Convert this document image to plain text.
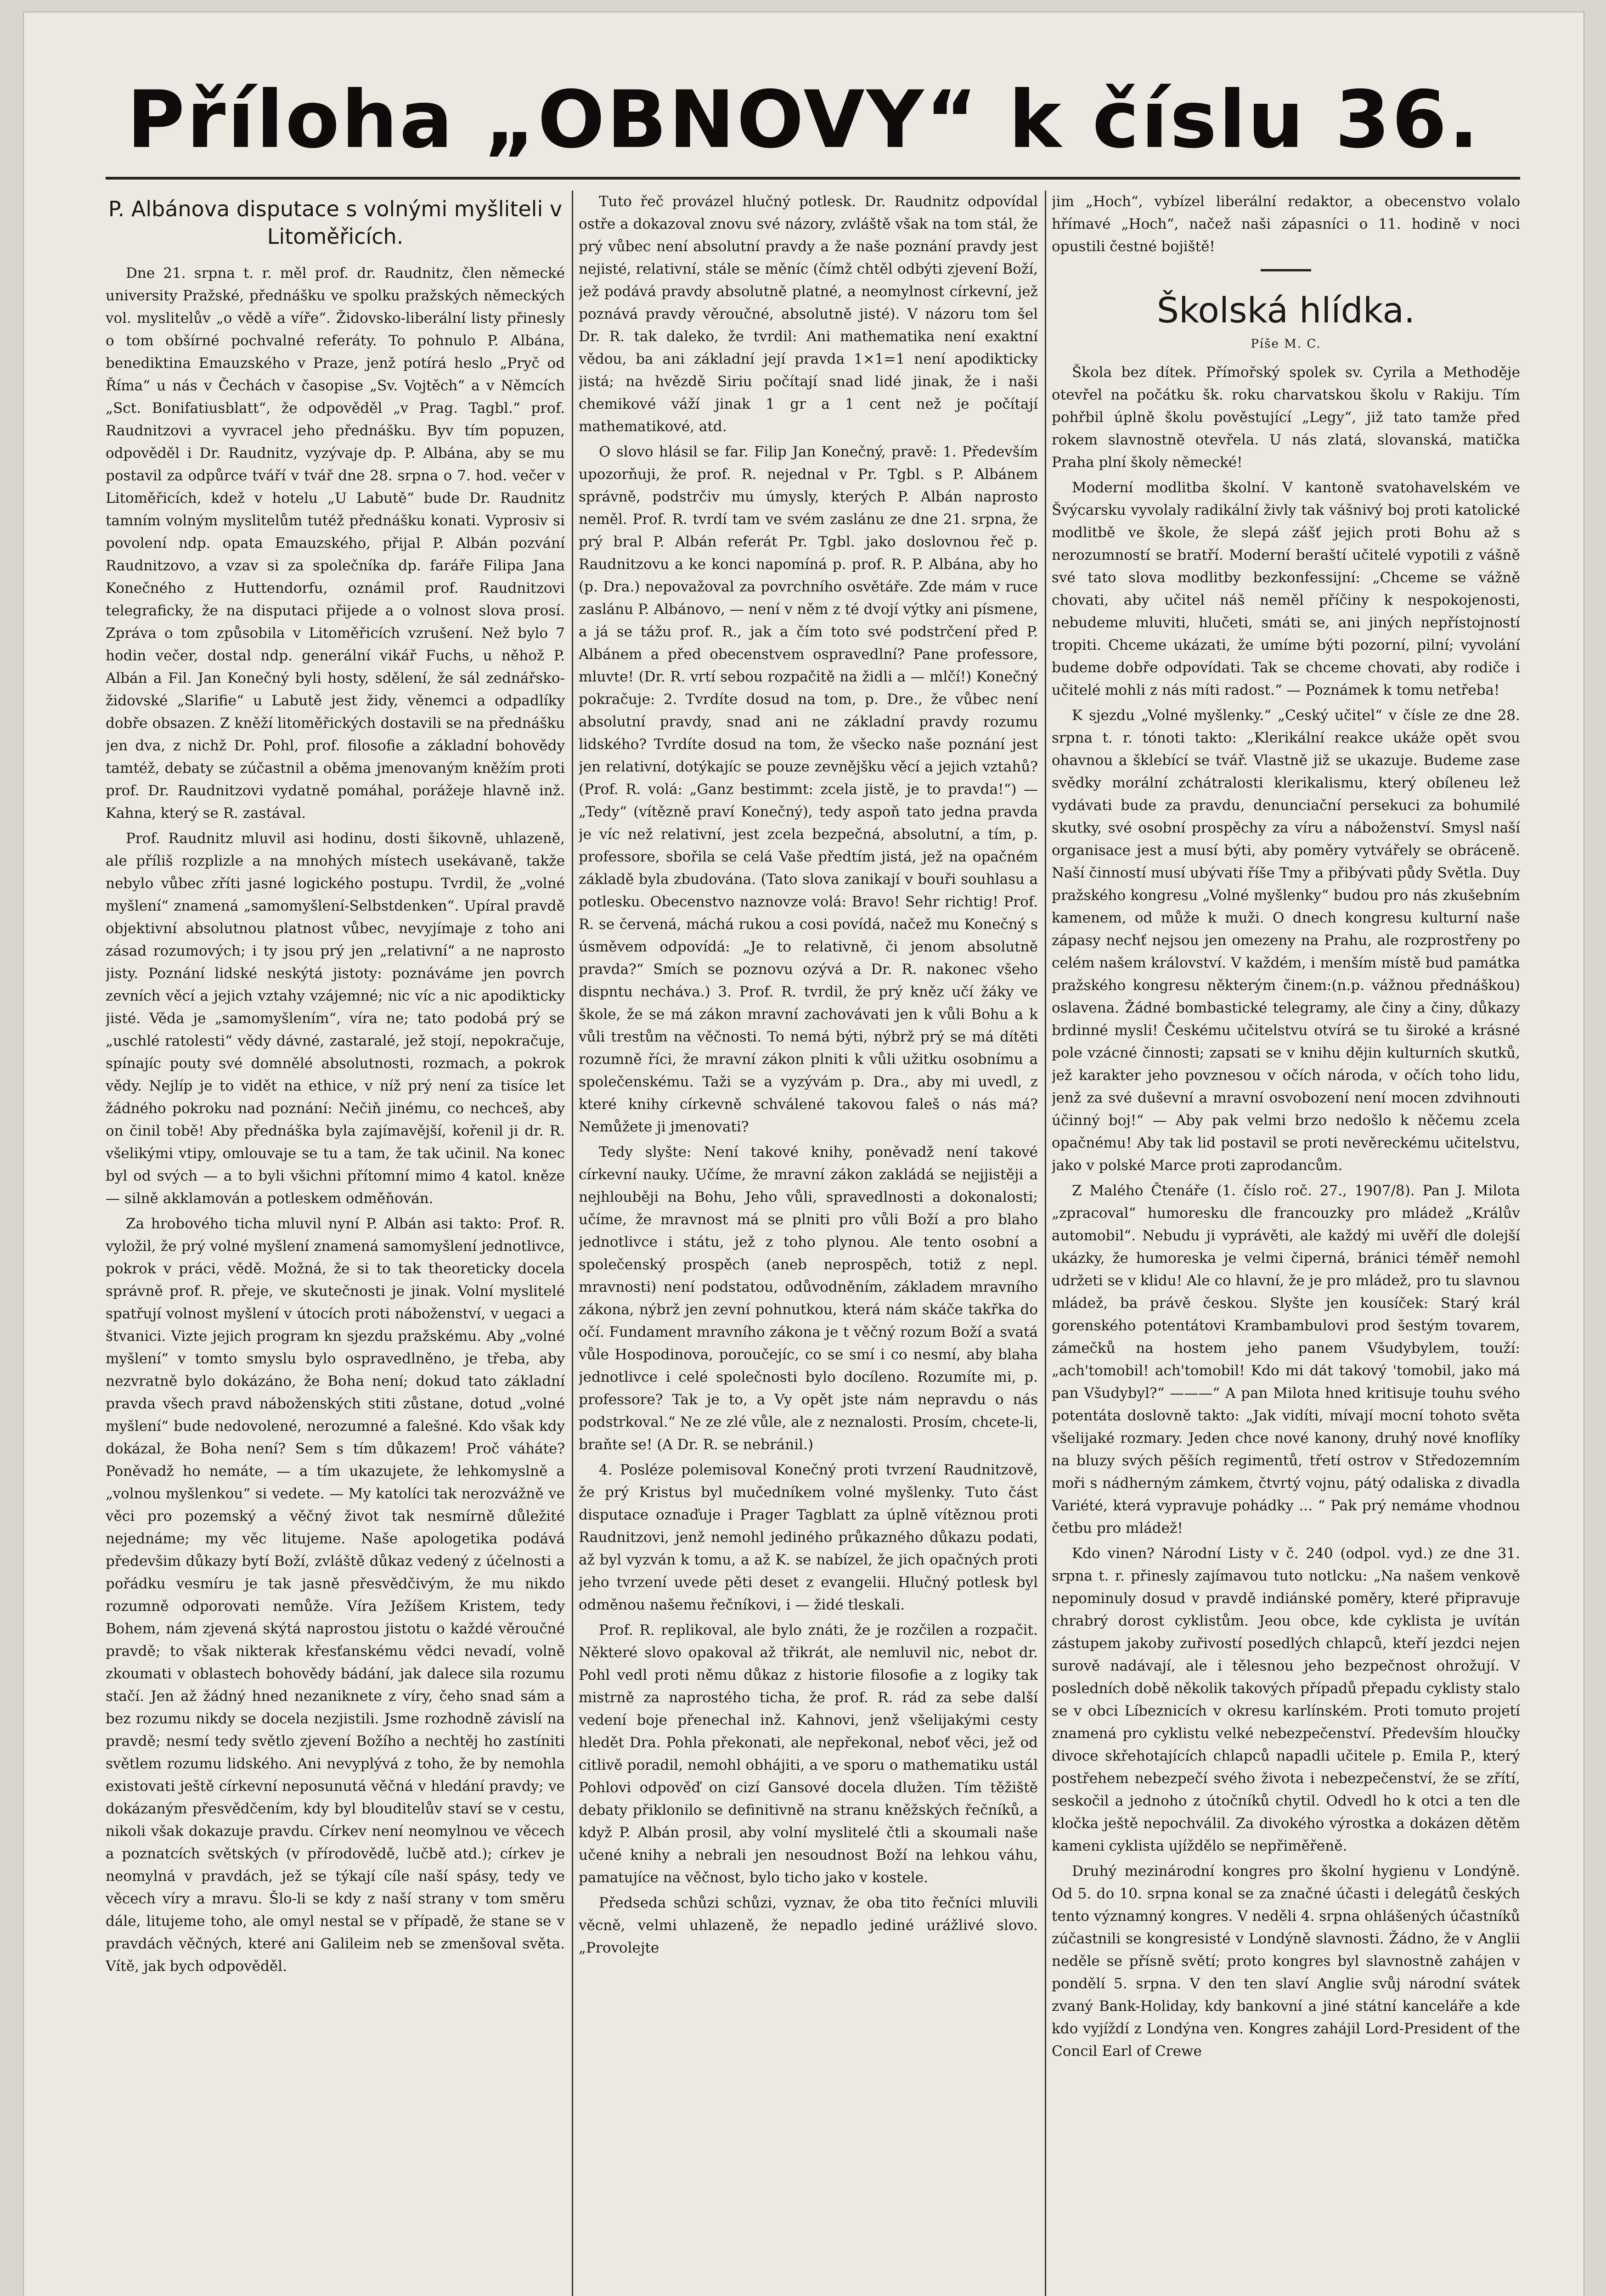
Příloha „OBNOVY“ k číslu 36.
P. Albánova disputace s volnými myšliteli v Litoměřicích.

Dne 21. srpna t. r. měl prof. dr. Raudnitz, člen německé university Pražské, přednášku ve spolku pražských německých vol. myslitelův „o vědě a víře“. Židovsko-liberální listy přinesly o tom obšírné pochvalné referáty. To pohnulo P. Albána, benediktina Emauzského v Praze, jenž potírá heslo „Pryč od Říma“ u nás v Čechách v časopise „Sv. Vojtěch“ a v Němcích „Sct. Bonifatiusblatt“, že odpověděl „v Prag. Tagbl.“ prof. Raudnitzovi a vyvracel jeho přednášku. Byv tím popuzen, odpověděl i Dr. Raudnitz, vyzývaje dp. P. Albána, aby se mu postavil za odpůrce tváří v tvář dne 28. srpna o 7. hod. večer v Litoměřicích, kdež v hotelu „U Labutě“ bude Dr. Raudnitz tamním volným myslitelům tutéž přednášku konati. Vyprosiv si povolení ndp. opata Emauzského, přijal P. Albán pozvání Raudnitzovo, a vzav si za společníka dp. faráře Filipa Jana Konečného z Huttendorfu, oznámil prof. Raudnitzovi telegraficky, že na disputaci přijede a o volnost slova prosí. Zpráva o tom způsobila v Litoměřicích vzrušení. Než bylo 7 hodin večer, dostal ndp. generální vikář Fuchs, u něhož P. Albán a Fil. Jan Konečný byli hosty, sdělení, že sál zednářsko-židovské „Slarifie“ u Labutě jest židy, věnemci a odpadlíky dobře obsazen. Z kněží litoměřických dostavili se na přednášku jen dva, z nichž Dr. Pohl, prof. filosofie a základní bohovědy tamtéž, debaty se zúčastnil a oběma jmenovaným kněžím proti prof. Dr. Raudnitzovi vydatně pomáhal, porážeje hlavně inž. Kahna, který se R. zastával.

Prof. Raudnitz mluvil asi hodinu, dosti šikovně, uhlazeně, ale příliš rozplizle a na mnohých místech usekávaně, takže nebylo vůbec zříti jasné logického postupu. Tvrdil, že „volné myšlení“ znamená „samomyšlení-Selbstdenken“. Upíral pravdě objektivní absolutnou platnost vůbec, nevyjímaje z toho ani zásad rozumových; i ty jsou prý jen „relativní“ a ne naprosto jisty. Poznání lidské neskýtá jistoty: poznáváme jen povrch zevních věcí a jejich vztahy vzájemné; nic víc a nic apodikticky jisté. Věda je „samomyšlením“, víra ne; tato podobá prý se „uschlé ratolesti“ vědy dávné, zastaralé, jež stojí, nepokračuje, spínajíc pouty své domnělé absolutnosti, rozmach, a pokrok vědy. Nejlíp je to vidět na ethice, v níž prý není za tisíce let žádného pokroku nad poznání: Nečiň jinému, co nechceš, aby on činil tobě! Aby přednáška byla zajímavější, kořenil ji dr. R. všelikými vtipy, omlouvaje se tu a tam, že tak učinil. Na konec byl od svých — a to byli všichni přítomní mimo 4 katol. kněze — silně akklamován a potleskem odměňován.

Za hrobového ticha mluvil nyní P. Albán asi takto: Prof. R. vyložil, že prý volné myšlení znamená samomyšlení jednotlivce, pokrok v práci, vědě. Možná, že si to tak theoreticky docela správně prof. R. přeje, ve skutečnosti je jinak. Volní myslitelé spatřují volnost myšlení v útocích proti náboženství, v uegaci a štvanici. Vizte jejich program kn sjezdu pražskému. Aby „volné myšlení“ v tomto smyslu bylo ospravedlněno, je třeba, aby nezvratně bylo dokázáno, že Boha není; dokud tato základní pravda všech pravd náboženských stiti zůstane, dotud „volné myšlení“ bude nedovolené, nerozumné a falešné. Kdo však kdy dokázal, že Boha není? Sem s tím důkazem! Proč váháte? Poněvadž ho nemáte, — a tím ukazujete, že lehkomyslně a „volnou myšlenkou“ si vedete. — My katolíci tak nerozvážně ve věci pro pozemský a věčný život tak nesmírně důležité nejednáme; my věc litujeme. Naše apologetika podává předevšim důkazy bytí Boží, zvláště důkaz vedený z účelnosti a pořádku vesmíru je tak jasně přesvědčivým, že mu nikdo rozumně odporovati nemůže. Víra Ježíšem Kristem, tedy Bohem, nám zjevená skýtá naprostou jistotu o každé věroučné pravdě; to však nikterak křesťanskému vědci nevadí, volně zkoumati v oblastech bohovědy bádání, jak dalece sila rozumu stačí. Jen až žádný hned nezaniknete z víry, čeho snad sám a bez rozumu nikdy se docela nezjistili. Jsme rozhodně závislí na pravdě; nesmí tedy světlo zjevení Božího a nechtěj ho zastíniti světlem rozumu lidského. Ani nevyplývá z toho, že by nemohla existovati ještě církevní neposunutá věčná v hledání pravdy; ve dokázaným přesvědčením, kdy byl blouditelův staví se v cestu, nikoli však dokazuje pravdu. Církev není neomylnou ve věcech a poznatcích světských (v přírodovědě, lučbě atd.); církev je neomylná v pravdách, jež se týkají cíle naší spásy, tedy ve věcech víry a mravu. Šlo-li se kdy z naší strany v tom směru dále, litujeme toho, ale omyl nestal se v případě, že stane se v pravdách věčných, které ani Galileim neb se zmenšoval světa. Vítě, jak bych odpověděl.

Tuto řeč provázel hlučný potlesk. Dr. Raudnitz odpovídal ostře a dokazoval znovu své názory, zvláště však na tom stál, že prý vůbec není absolutní pravdy a že naše poznání pravdy jest nejisté, relativní, stále se měníc (čímž chtěl odbýti zjevení Boží, jež podává pravdy absolutně platné, a neomylnost církevní, jež poznává pravdy věroučné, absolutně jisté). V názoru tom šel Dr. R. tak daleko, že tvrdil: Ani mathematika není exaktní vědou, ba ani základní její pravda 1×1=1 není apodikticky jistá; na hvězdě Siriu počítají snad lidé jinak, že i naši chemikové váží jinak 1 gr a 1 cent než je počítají mathematikové, atd.

O slovo hlásil se far. Filip Jan Konečný, pravě: 1. Především upozorňuji, že prof. R. nejednal v Pr. Tgbl. s P. Albánem správně, podstrčiv mu úmysly, kterých P. Albán naprosto neměl. Prof. R. tvrdí tam ve svém zaslánu ze dne 21. srpna, že prý bral P. Albán referát Pr. Tgbl. jako doslovnou řeč p. Raudnitzovu a ke konci napomíná p. prof. R. P. Albána, aby ho (p. Dra.) nepovažoval za povrchního osvětáře. Zde mám v ruce zaslánu P. Albánovo, — není v něm z té dvojí výtky ani písmene, a já se tážu prof. R., jak a čím toto své podstrčení před P. Albánem a před obecenstvem ospravedlní? Pane professore, mluvte! (Dr. R. vrtí sebou rozpačitě na židli a — mlčí!) Konečný pokračuje: 2. Tvrdíte dosud na tom, p. Dre., že vůbec není absolutní pravdy, snad ani ne základní pravdy rozumu lidského? Tvrdíte dosud na tom, že všecko naše poznání jest jen relativní, dotýkajíc se pouze zevnějšku věcí a jejich vztahů? (Prof. R. volá: „Ganz bestimmt: zcela jistě, je to pravda!“) — „Tedy“ (vítězně praví Konečný), tedy aspoň tato jedna pravda je víc než relativní, jest zcela bezpečná, absolutní, a tím, p. professore, sbořila se celá Vaše předtím jistá, jež na opačném základě byla zbudována. (Tato slova zanikají v bouři souhlasu a potlesku. Obecenstvo naznovze volá: Bravo! Sehr richtig! Prof. R. se červená, máchá rukou a cosi povídá, načež mu Konečný s úsměvem odpovídá: „Je to relativně, či jenom absolutně pravda?“ Smích se poznovu ozývá a Dr. R. nakonec všeho dispntu necháva.) 3. Prof. R. tvrdil, že prý kněz učí žáky ve škole, že se má zákon mravní zachovávati jen k vůli Bohu a k vůli trestům na věčnosti. To nemá býti, nýbrž prý se má dítěti rozumně říci, že mravní zákon plniti k vůli užitku osobnímu a společenskému. Taži se a vyzývám p. Dra., aby mi uvedl, z které knihy církevně schválené takovou faleš o nás má? Nemůžete ji jmenovati?

Tedy slyšte: Není takové knihy, poněvadž není takové církevní nauky. Učíme, že mravní zákon zakládá se nejjistěji a nejhlouběji na Bohu, Jeho vůli, spravedlnosti a dokonalosti; učíme, že mravnost má se plniti pro vůli Boží a pro blaho jednotlivce i státu, jež z toho plynou. Ale tento osobní a společenský prospěch (aneb neprospěch, totiž z nepl. mravnosti) není podstatou, odůvodněním, základem mravního zákona, nýbrž jen zevní pohnutkou, která nám skáče takřka do očí. Fundament mravního zákona je t věčný rozum Boží a svatá vůle Hospodinova, poroučejíc, co se smí i co nesmí, aby blaha jednotlivce i celé společnosti bylo docíleno. Rozumíte mi, p. professore? Tak je to, a Vy opět jste nám nepravdu o nás podstrkoval.“ Ne ze zlé vůle, ale z neznalosti. Prosím, chcete-li, braňte se! (A Dr. R. se nebránil.)

4. Posléze polemisoval Konečný proti tvrzení Raudnitzově, že prý Kristus byl mučedníkem volné myšlenky. Tuto část disputace oznaďuje i Prager Tagblatt za úplně vítěznou proti Raudnitzovi, jenž nemohl jediného průkazného důkazu podati, až byl vyzván k tomu, a až K. se nabízel, že jich opačných proti jeho tvrzení uvede pěti deset z evangelii. Hlučný potlesk byl odměnou našemu řečníkovi, i — židé tleskali.

Prof. R. replikoval, ale bylo znáti, že je rozčilen a rozpačit. Některé slovo opakoval až třikrát, ale nemluvil nic, nebot dr. Pohl vedl proti němu důkaz z historie filosofie a z logiky tak mistrně za naprostého ticha, že prof. R. rád za sebe další vedení boje přenechal inž. Kahnovi, jenž všelijakými cesty hledět Dra. Pohla překonati, ale nepřekonal, neboť věci, jež od citlivě poradil, nemohl obhájiti, a ve sporu o mathematiku ustál Pohlovi odpověď on cizí Gansové docela dlužen. Tím těžiště debaty přiklonilo se definitivně na stranu kněžských řečníků, a když P. Albán prosil, aby volní myslitelé čtli a skoumali naše učené knihy a nebrali jen nesoudnost Boží na lehkou váhu, pamatujíce na věčnost, bylo ticho jako v kostele.

Předseda schůzi schůzi, vyznav, že oba tito řečníci mluvili věcně, velmi uhlazeně, že nepadlo jediné urážlivé slovo. „Provolejte

jim „Hoch“, vybízel liberální redaktor, a obecenstvo volalo hřímavé „Hoch“, načež naši zápasníci o 11. hodině v noci opustili čestné bojiště!

Školská hlídka.
Píše M. C.

Škola bez dítek. Přímořský spolek sv. Cyrila a Methoděje otevřel na počátku šk. roku charvatskou školu v Rakiju. Tím pohřbil úplně školu pověstující „Legy“, již tato tamže před rokem slavnostně otevřela. U nás zlatá, slovanská, matička Praha plní školy německé!

Moderní modlitba školní. V kantoně svatohavelském ve Švýcarsku vyvolaly radikální živly tak vášnivý boj proti katolické modlitbě ve škole, že slepá zášť jejich proti Bohu až s nerozumností se bratří. Moderní beraští učitelé vypotili z vášně své tato slova modlitby bezkonfessijní: „Chceme se vážně chovati, aby učitel náš neměl příčiny k nespokojenosti, nebudeme mluviti, hlučeti, smáti se, ani jiných nepřístojností tropiti. Chceme ukázati, že umíme býti pozorní, pilní; vyvolání budeme dobře odpovídati. Tak se chceme chovati, aby rodiče i učitelé mohli z nás míti radost.“ — Poznámek k tomu netřeba!

K sjezdu „Volné myšlenky.“ „Ceský učitel“ v čísle ze dne 28. srpna t. r. tónoti takto: „Klerikální reakce ukáže opět svou ohavnou a šklebící se tvář. Vlastně již se ukazuje. Budeme zase svědky morální zchátralosti klerikalismu, který obíleneu lež vydávati bude za pravdu, denunciační persekuci za bohumilé skutky, své osobní prospěchy za víru a náboženství. Smysl naší organisace jest a musí býti, aby poměry vytvářely se obráceně. Naší činností musí ubývati říše Tmy a přibývati půdy Světla. Duy pražského kongresu „Volné myšlenky“ budou pro nás zkušebním kamenem, od může k muži. O dnech kongresu kulturní naše zápasy nechť nejsou jen omezeny na Prahu, ale rozprostřeny po celém našem království. V každém, i menším místě bud památka pražského kongresu některým činem:(n.p. vážnou přednáškou) oslavena. Žádné bombastické telegramy, ale činy a činy, důkazy brdinné mysli! Českému učitelstvu otvírá se tu široké a krásné pole vzácné činnosti; zapsati se v knihu dějin kulturních skutků, jež karakter jeho povznesou v očích národa, v očích toho lidu, jenž za své duševní a mravní osvobození není mocen zdvihnouti účinný boj!“ — Aby pak velmi brzo nedošlo k něčemu zcela opačnému! Aby tak lid postavil se proti nevěreckému učitelstvu, jako v polské Marce proti zaprodancům.

Z Malého Čtenáře (1. číslo roč. 27., 1907/8). Pan J. Milota „zpracoval“ humoresku dle francouzky pro mládež „Králův automobil“. Nebudu ji vyprávěti, ale každý mi uvěří dle dolejší ukázky, že humoreska je velmi čiperná, bránici téměř nemohl udržeti se v klidu! Ale co hlavní, že je pro mládež, pro tu slavnou mládež, ba právě českou. Slyšte jen kousíček: Starý král gorenského potentátovi Krambambulovi prod šestým tovarem, zámečků na hostem jeho panem Všudybylem, touží: „ach'tomobil! ach'tomobil! Kdo mi dát takový 'tomobil, jako má pan Všudybyl?“ ———“ A pan Milota hned kritisuje touhu svého potentáta doslovně takto: „Jak vidíti, mívají mocní tohoto světa všelijaké rozmary. Jeden chce nové kanony, druhý nové knoflíky na bluzy svých pěších regimentů, třetí ostrov v Středozemním moři s nádherným zámkem, čtvrtý vojnu, pátý odaliska z divadla Variété, která vypravuje pohádky ... “ Pak prý nemáme vhodnou četbu pro mládež!

Kdo vinen? Národní Listy v č. 240 (odpol. vyd.) ze dne 31. srpna t. r. přinesly zajímavou tuto notlcku: „Na našem venkově nepominuly dosud v pravdě indiánské poměry, které připravuje chrabrý dorost cyklistům. Jeou obce, kde cyklista je uvítán zástupem jakoby zuřivostí posedlých chlapců, kteří jezdci nejen surově nadávají, ale i tělesnou jeho bezpečnost ohrožují. V posledních době několik takových případů přepadu cyklisty stalo se v obci Líbeznicích v okresu karlínském. Proti tomuto projetí znamená pro cyklistu velké nebezpečenství. Především hloučky divoce skřehotajících chlapců napadli učitele p. Emila P., který postřehem nebezpečí svého života i nebezpečenství, že se zřítí, seskočil a jednoho z útočníků chytil. Odvedl ho k otci a ten dle kločka ještě nepochválil. Za divokého výrostka a dokázen dětěm kameni cyklista ujíždělo se nepřiměřeně.

Druhý mezinárodní kongres pro školní hygienu v Londýně. Od 5. do 10. srpna konal se za značné účasti i delegátů českých tento významný kongres. V neděli 4. srpna ohlášených účastníků zúčastnili se kongresisté v Londýně slavnosti. Žádno, že v Anglii neděle se přísně světí; proto kongres byl slavnostně zahájen v pondělí 5. srpna. V den ten slaví Anglie svůj národní svátek zvaný Bank-Holiday, kdy bankovní a jiné státní kanceláře a kde kdo vyjíždí z Londýna ven. Kongres zahájil Lord-President of the Concil Earl of Crewe
